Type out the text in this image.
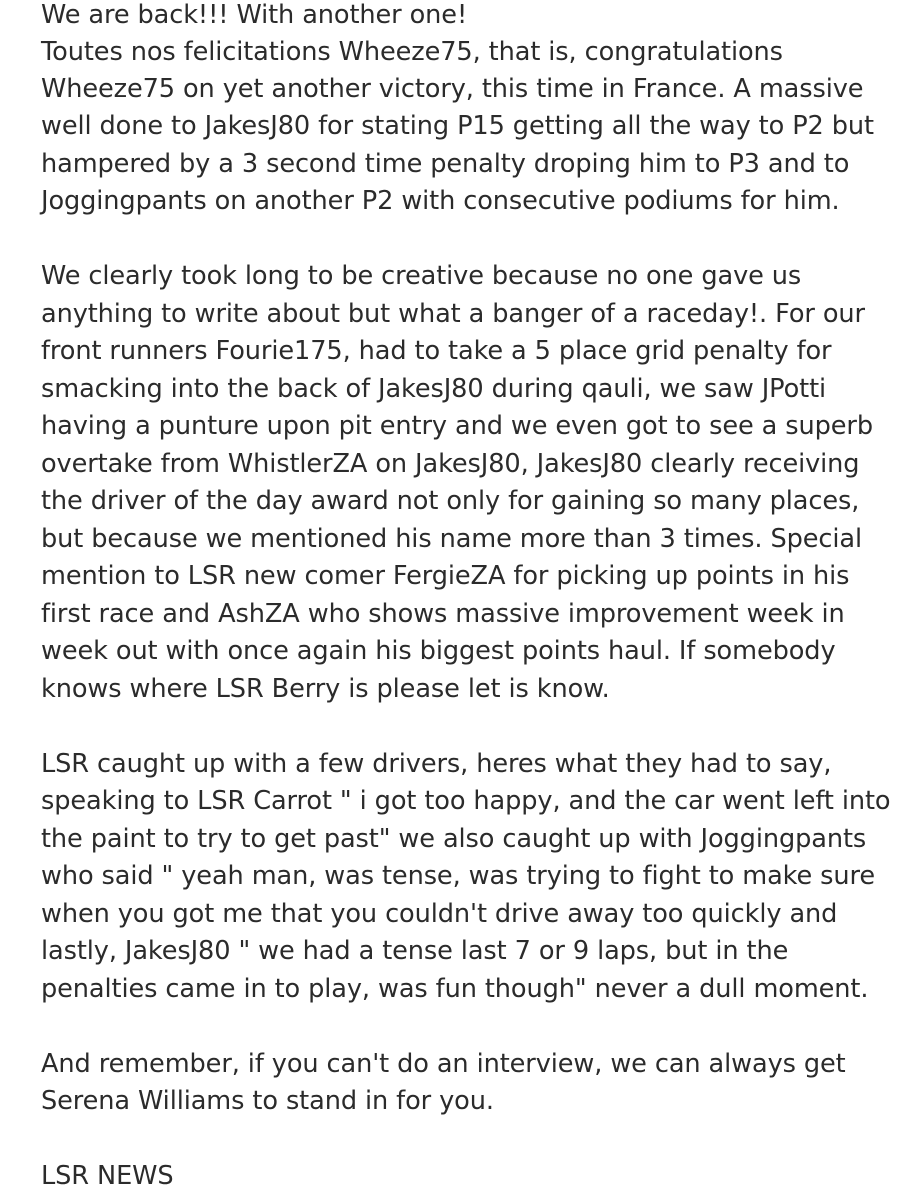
We are back!!! With another one!
Toutes nos felicitations Wheeze75, that is, congratulations
Wheeze75 on yet another victory, this time in France. A massive
well done to JakesJ80 for stating P15 getting all the way to P2 but
hampered by a 3 second time penalty droping him to P3 and to
Joggingpants on another P2 with consecutive podiums for him.
We clearly took long to be creative because no one gave us
anything to write about but what a banger of a raceday!. For our
front runners Fourie175, had to take a 5 place grid penalty for
smacking into the back of JakesJ80 during qauli, we saw JPotti
having a punture upon pit entry and we even got to see a superb
overtake from WhistlerZA on JakesJ80, JakesJ80 clearly receiving
the driver of the day award not only for gaining so many places,
but because we mentioned his name more than 3 times. Special
mention to LSR new comer FergieZA for picking up points in his
first race and AshZA who shows massive improvement week in
week out with once again his biggest points haul. If somebody
knows where LSR Berry is please let is know.
LSR caught up with a few drivers, heres what they had to say,
speaking to LSR Carrot " i got too happy, and the car went left into
the paint to try to get past" we also caught up with Joggingpants
who said " yeah man, was tense, was trying to fight to make sure
when you got me that you couldn't drive away too quickly and
lastly, JakesJ80 " we had a tense last 7 or 9 laps, but in the
penalties came in to play, was fun though" never a dull moment.
And remember, if you can't do an interview, we can always get
Serena Williams to stand in for you.
LSR NEWS
